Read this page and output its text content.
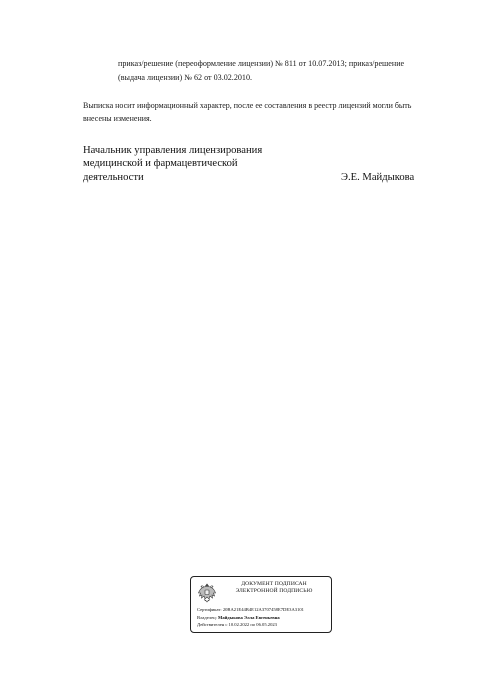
приказ/решение (переоформление лицензии) № 811 от 10.07.2013; приказ/решение
(выдача лицензии) № 62 от 03.02.2010.
Выписка носит информационный характер, после ее составления в реестр лицензий могли быть
внесены изменения.
Начальник управления лицензирования
медицинской и фармацевтической
деятельности	Э.Е. Майдыкова
ДОКУМЕНТ ПОДПИСАН
ЭЛЕКТРОННОЙ ПОДПИСЬЮ
Сертификат: 20BA21E44B4E12A3707458E7DE3A3101
Владелец: Майдыкова Элла Евгеньевна
Действителен с 10.02.2022 по 06.05.2023
